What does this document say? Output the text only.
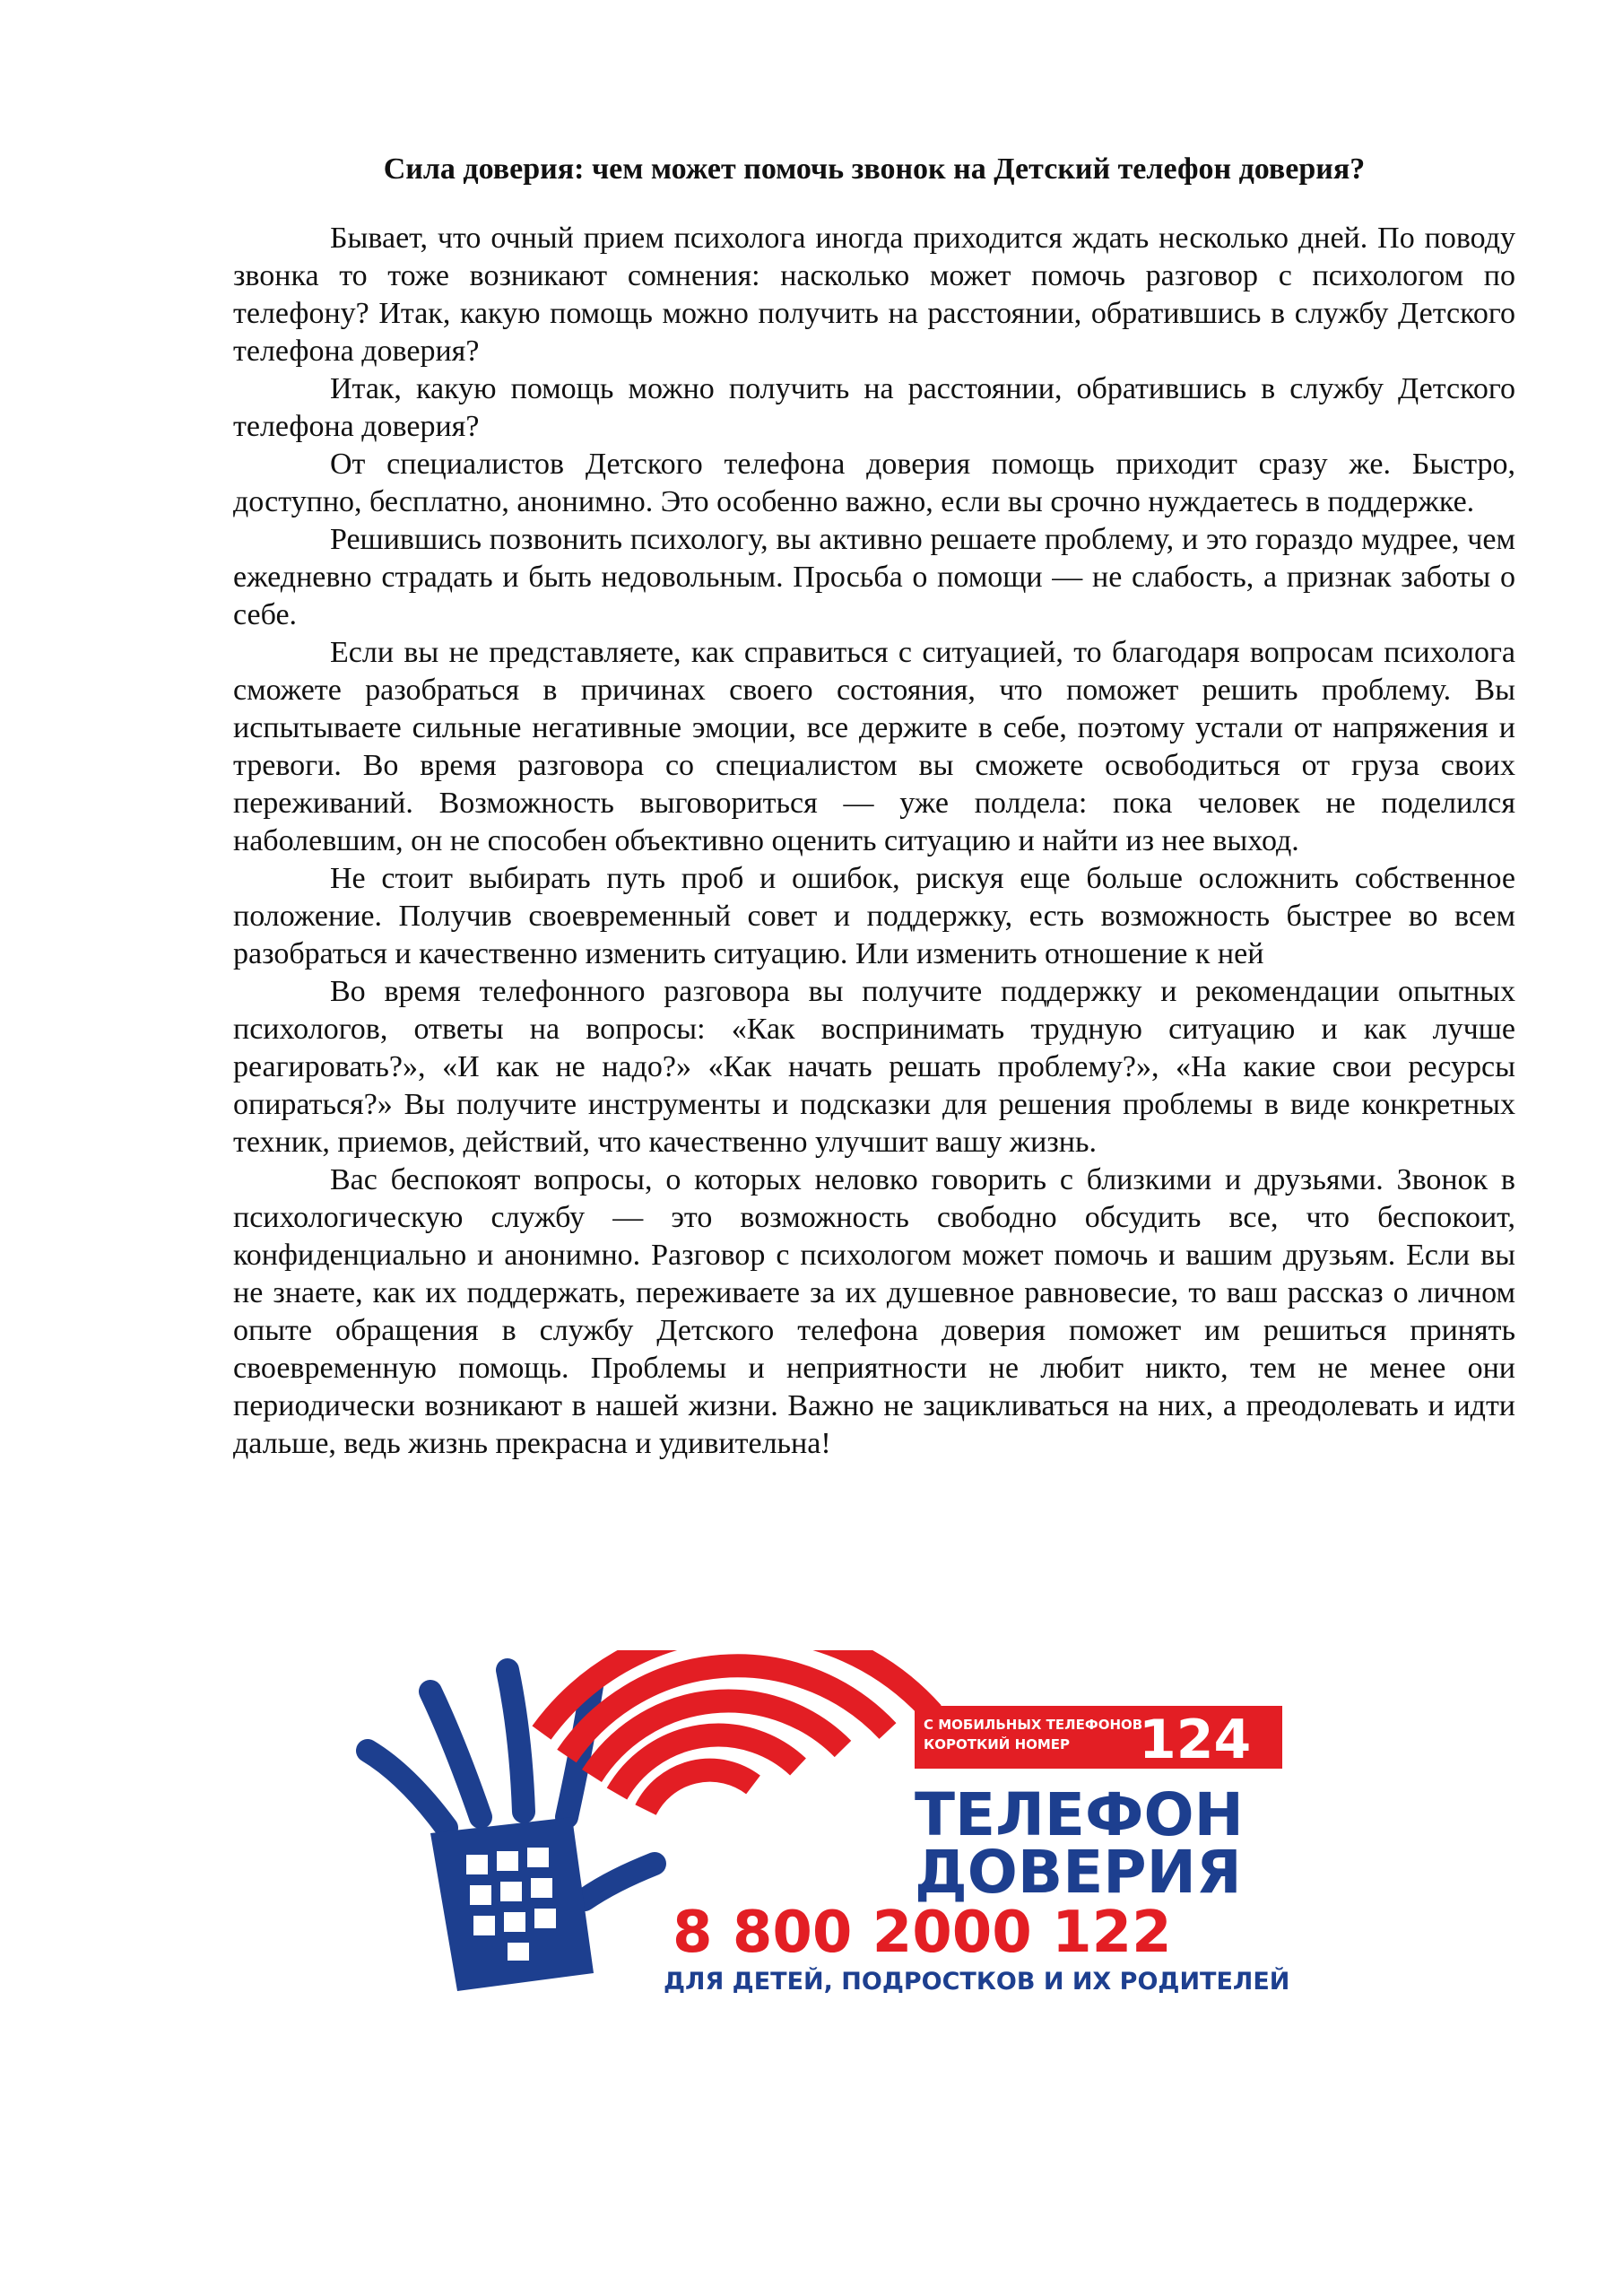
Сила доверия: чем может помочь звонок на Детский телефон доверия?

Бывает, что очный прием психолога иногда приходится ждать несколько дней. По поводу звонка то тоже возникают сомнения: насколько может помочь разговор с психологом по телефону? Итак, какую помощь можно получить на расстоянии, обратившись в службу Детского телефона доверия?

Итак, какую помощь можно получить на расстоянии, обратившись в службу Детского телефона доверия?

От специалистов Детского телефона доверия помощь приходит сразу же. Быстро, доступно, бесплатно, анонимно. Это особенно важно, если вы срочно нуждаетесь в поддержке.

Решившись позвонить психологу, вы активно решаете проблему, и это гораздо мудрее, чем ежедневно страдать и быть недовольным. Просьба о помощи — не слабость, а признак заботы о себе.

Если вы не представляете, как справиться с ситуацией, то благодаря вопросам психолога сможете разобраться в причинах своего состояния, что поможет решить проблему. Вы испытываете сильные негативные эмоции, все держите в себе, поэтому устали от напряжения и тревоги. Во время разговора со специалистом вы сможете освободиться от груза своих переживаний. Возможность выговориться — уже полдела: пока человек не поделился наболевшим, он не способен объективно оценить ситуацию и найти из нее выход.

Не стоит выбирать путь проб и ошибок, рискуя еще больше осложнить собственное положение. Получив своевременный совет и поддержку, есть возможность быстрее во всем разобраться и качественно изменить ситуацию. Или изменить отношение к ней

Во время телефонного разговора вы получите поддержку и рекомендации опытных психологов, ответы на вопросы: «Как воспринимать трудную ситуацию и как лучше реагировать?», «И как не надо?» «Как начать решать проблему?», «На какие свои ресурсы опираться?» Вы получите инструменты и подсказки для решения проблемы в виде конкретных техник, приемов, действий, что качественно улучшит вашу жизнь.

Вас беспокоят вопросы, о которых неловко говорить с близкими и друзьями. Звонок в психологическую службу — это возможность свободно обсудить все, что беспокоит, конфиденциально и анонимно. Разговор с психологом может помочь и вашим друзьям. Если вы не знаете, как их поддержать, переживаете за их душевное равновесие, то ваш рассказ о личном опыте обращения в службу Детского телефона доверия поможет им решиться принять своевременную помощь. Проблемы и неприятности не любит никто, тем не менее они периодически возникают в нашей жизни. Важно не зацикливаться на них, а преодолевать и идти дальше, ведь жизнь прекрасна и удивительна!

С МОБИЛЬНЫХ ТЕЛЕФОНОВ
КОРОТКИЙ НОМЕР 124
ТЕЛЕФОН
ДОВЕРИЯ
8 800 2000 122
ДЛЯ ДЕТЕЙ, ПОДРОСТКОВ И ИХ РОДИТЕЛЕЙ
